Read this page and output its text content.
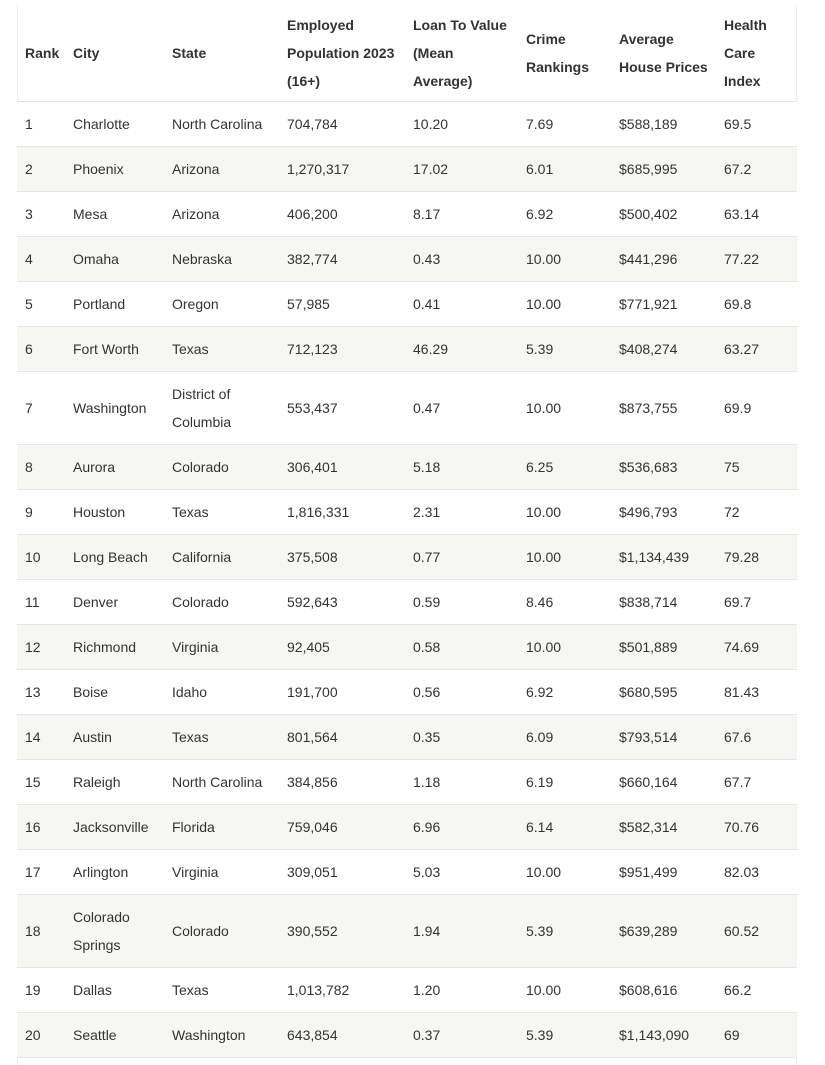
Rank	City	State	Employed Population 2023 (16+)	Loan To Value (Mean Average)	Crime Rankings	Average House Prices	Health Care Index
1	Charlotte	North Carolina	704,784	10.20	7.69	$588,189	69.5
2	Phoenix	Arizona	1,270,317	17.02	6.01	$685,995	67.2
3	Mesa	Arizona	406,200	8.17	6.92	$500,402	63.14
4	Omaha	Nebraska	382,774	0.43	10.00	$441,296	77.22
5	Portland	Oregon	57,985	0.41	10.00	$771,921	69.8
6	Fort Worth	Texas	712,123	46.29	5.39	$408,274	63.27
7	Washington	District of Columbia	553,437	0.47	10.00	$873,755	69.9
8	Aurora	Colorado	306,401	5.18	6.25	$536,683	75
9	Houston	Texas	1,816,331	2.31	10.00	$496,793	72
10	Long Beach	California	375,508	0.77	10.00	$1,134,439	79.28
11	Denver	Colorado	592,643	0.59	8.46	$838,714	69.7
12	Richmond	Virginia	92,405	0.58	10.00	$501,889	74.69
13	Boise	Idaho	191,700	0.56	6.92	$680,595	81.43
14	Austin	Texas	801,564	0.35	6.09	$793,514	67.6
15	Raleigh	North Carolina	384,856	1.18	6.19	$660,164	67.7
16	Jacksonville	Florida	759,046	6.96	6.14	$582,314	70.76
17	Arlington	Virginia	309,051	5.03	10.00	$951,499	82.03
18	Colorado Springs	Colorado	390,552	1.94	5.39	$639,289	60.52
19	Dallas	Texas	1,013,782	1.20	10.00	$608,616	66.2
20	Seattle	Washington	643,854	0.37	5.39	$1,143,090	69
